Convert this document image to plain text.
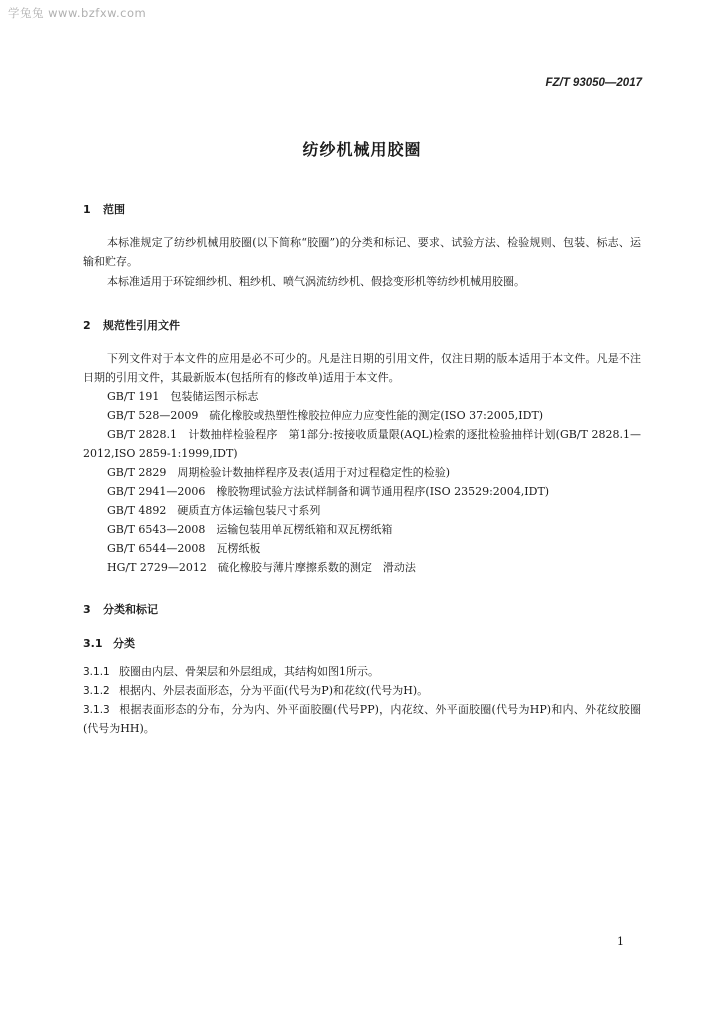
学兔兔 www.bzfxw.com
FZ/T 93050—2017
纺纱机械用胶圈
1 范围
本标准规定了纺纱机械用胶圈(以下简称“胶圈”)的分类和标记、要求、试验方法、检验规则、包装、标志、运输和贮存。
本标准适用于环锭细纱机、粗纱机、喷气涡流纺纱机、假捻变形机等纺纱机械用胶圈。
2 规范性引用文件
下列文件对于本文件的应用是必不可少的。凡是注日期的引用文件，仅注日期的版本适用于本文件。凡是不注日期的引用文件，其最新版本(包括所有的修改单)适用于本文件。
GB/T 191　包装储运图示标志
GB/T 528—2009　硫化橡胶或热塑性橡胶拉伸应力应变性能的测定(ISO 37:2005,IDT)
GB/T 2828.1　计数抽样检验程序　第1部分:按接收质量限(AQL)检索的逐批检验抽样计划(GB/T 2828.1—2012,ISO 2859-1:1999,IDT)
GB/T 2829　周期检验计数抽样程序及表(适用于对过程稳定性的检验)
GB/T 2941—2006　橡胶物理试验方法试样制备和调节通用程序(ISO 23529:2004,IDT)
GB/T 4892　硬质直方体运输包装尺寸系列
GB/T 6543—2008　运输包装用单瓦楞纸箱和双瓦楞纸箱
GB/T 6544—2008　瓦楞纸板
HG/T 2729—2012　硫化橡胶与薄片摩擦系数的测定　滑动法
3 分类和标记
3.1 分类
3.1.1 胶圈由内层、骨架层和外层组成，其结构如图1所示。
3.1.2 根据内、外层表面形态，分为平面(代号为P)和花纹(代号为H)。
3.1.3 根据表面形态的分布，分为内、外平面胶圈(代号PP)，内花纹、外平面胶圈(代号为HP)和内、外花纹胶圈(代号为HH)。
1
